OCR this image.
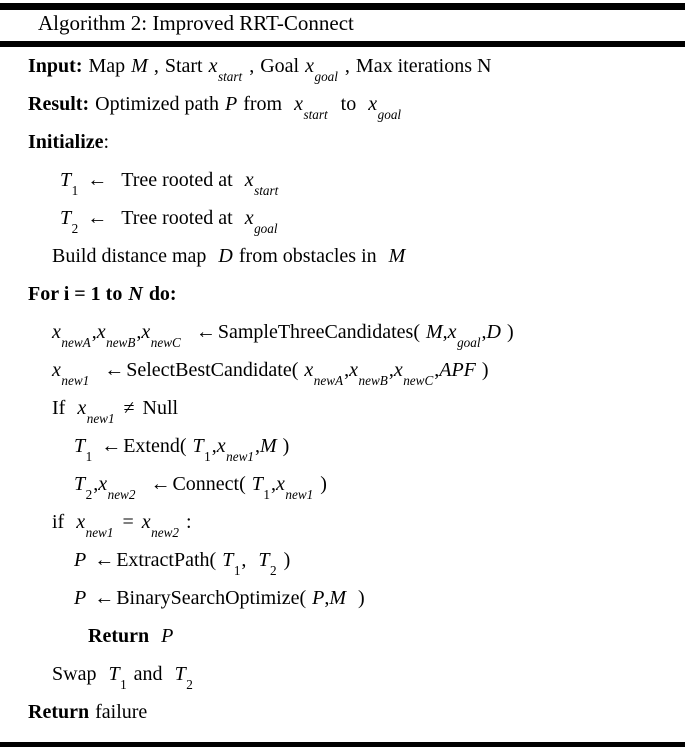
Algorithm 2: Improved RRT-Connect
Input: Map M , Start $x_{start}$ , Goal $x_{goal}$ , Max iterations N
Result: Optimized path P from $x_{start}$ to $x_{goal}$
Initialize:
$T_1$ ← Tree rooted at $x_{start}$
$T_2$ ← Tree rooted at $x_{goal}$
Build distance map D from obstacles in M
For i = 1 to N do:
$x_{newA},x_{newB},x_{newC}$ ← SampleThreeCandidates( $M,x_{goal},D$ )
$x_{new1}$ ← SelectBestCandidate( $x_{newA},x_{newB},x_{newC},APF$ )
If $x_{new1}$ ≠ Null
$T_1$ ← Extend( $T_1,x_{new1},M$ )
$T_2,x_{new2}$ ← Connect( $T_1,x_{new1}$ )
if $x_{new1} = x_{new2}$ :
P ← ExtractPath( $T_1$, $T_2$ )
P ← BinarySearchOptimize( P,M )
Return P
Swap $T_1$ and $T_2$
Return failure
